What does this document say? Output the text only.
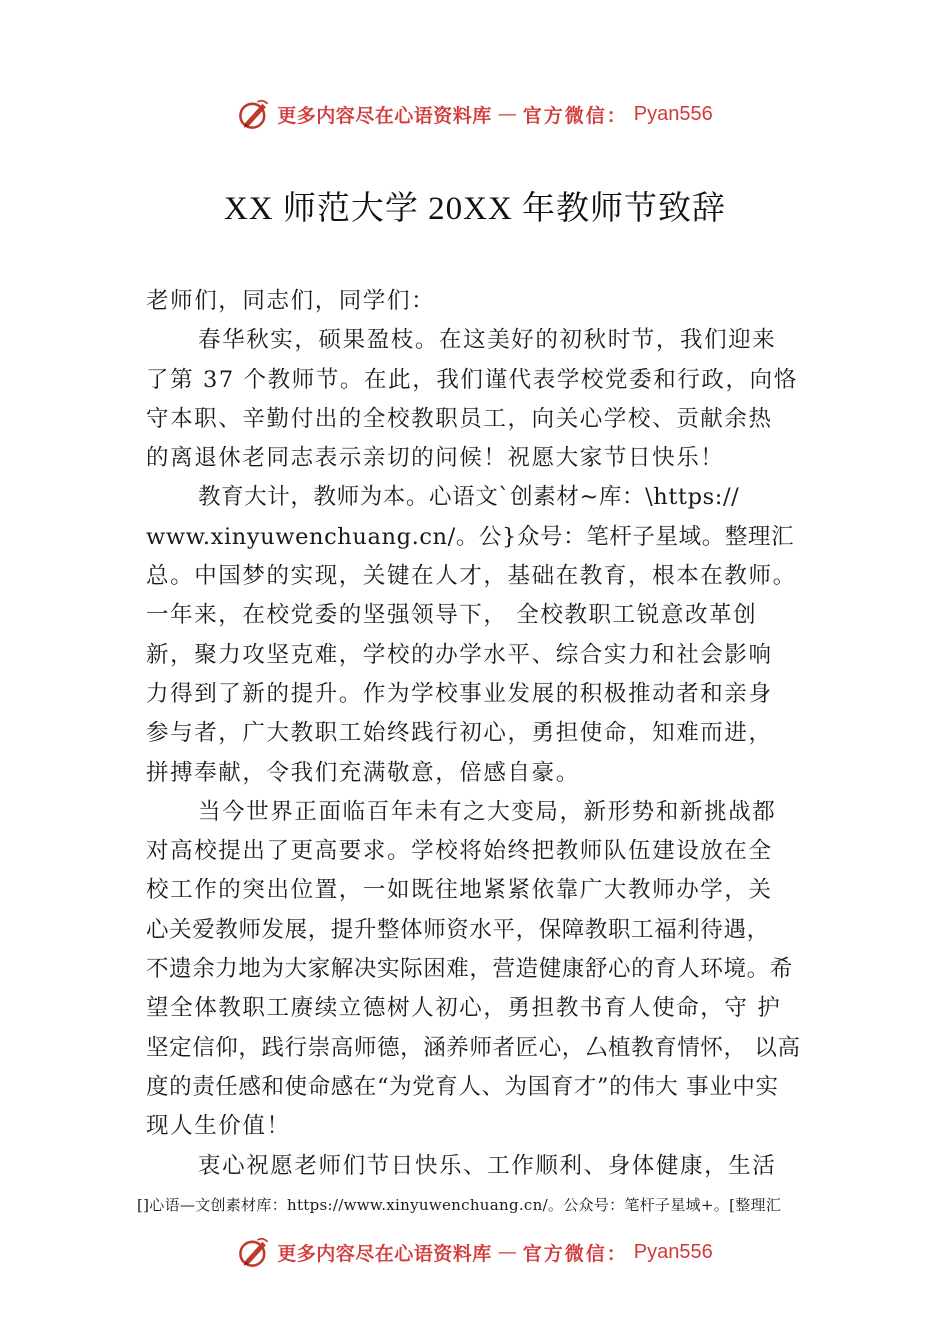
更多内容尽在心语资料库 — 官方微信： Pyan556
XX 师范大学 20XX 年教师节致辞
老师们，同志们，同学们：
春华秋实，硕果盈枝。在这美好的初秋时节，我们迎来
了第 37 个教师节。在此，我们谨代表学校党委和行政，向恪
守本职、辛勤付出的全校教职员工，向关心学校、贡献余热
的离退休老同志表示亲切的问候！祝愿大家节日快乐！
教育大计，教师为本。心语文`创素材~库：\https://
www.xinyuwenchuang.cn/。公}众号：笔杆子星域。整理汇
总。中国梦的实现，关键在人才，基础在教育，根本在教师。
一年来，在校党委的坚强领导下， 全校教职工锐意改革创
新，聚力攻坚克难，学校的办学水平、综合实力和社会影响
力得到了新的提升。作为学校事业发展的积极推动者和亲身
参与者，广大教职工始终践行初心，勇担使命，知难而进，
拼搏奉献，令我们充满敬意，倍感自豪。
当今世界正面临百年未有之大变局，新形势和新挑战都
对高校提出了更高要求。学校将始终把教师队伍建设放在全
校工作的突出位置，一如既往地紧紧依靠广大教师办学，关
心关爱教师发展，提升整体师资水平，保障教职工福利待遇，
不遗余力地为大家解决实际困难，营造健康舒心的育人环境。希
望全体教职工赓续立德树人初心，勇担教书育人使命，守 护
坚定信仰，践行崇高师德，涵养师者匠心，厶植教育情怀， 以高
度的责任感和使命感在“为党育人、为国育才”的伟大 事业中实
现人生价值！
衷心祝愿老师们节日快乐、工作顺利、身体健康，生活
[]心语—文创素材库：https://www.xinyuwenchuang.cn/。公众号：笔杆子星域+。[整理汇
更多内容尽在心语资料库 — 官方微信： Pyan556
